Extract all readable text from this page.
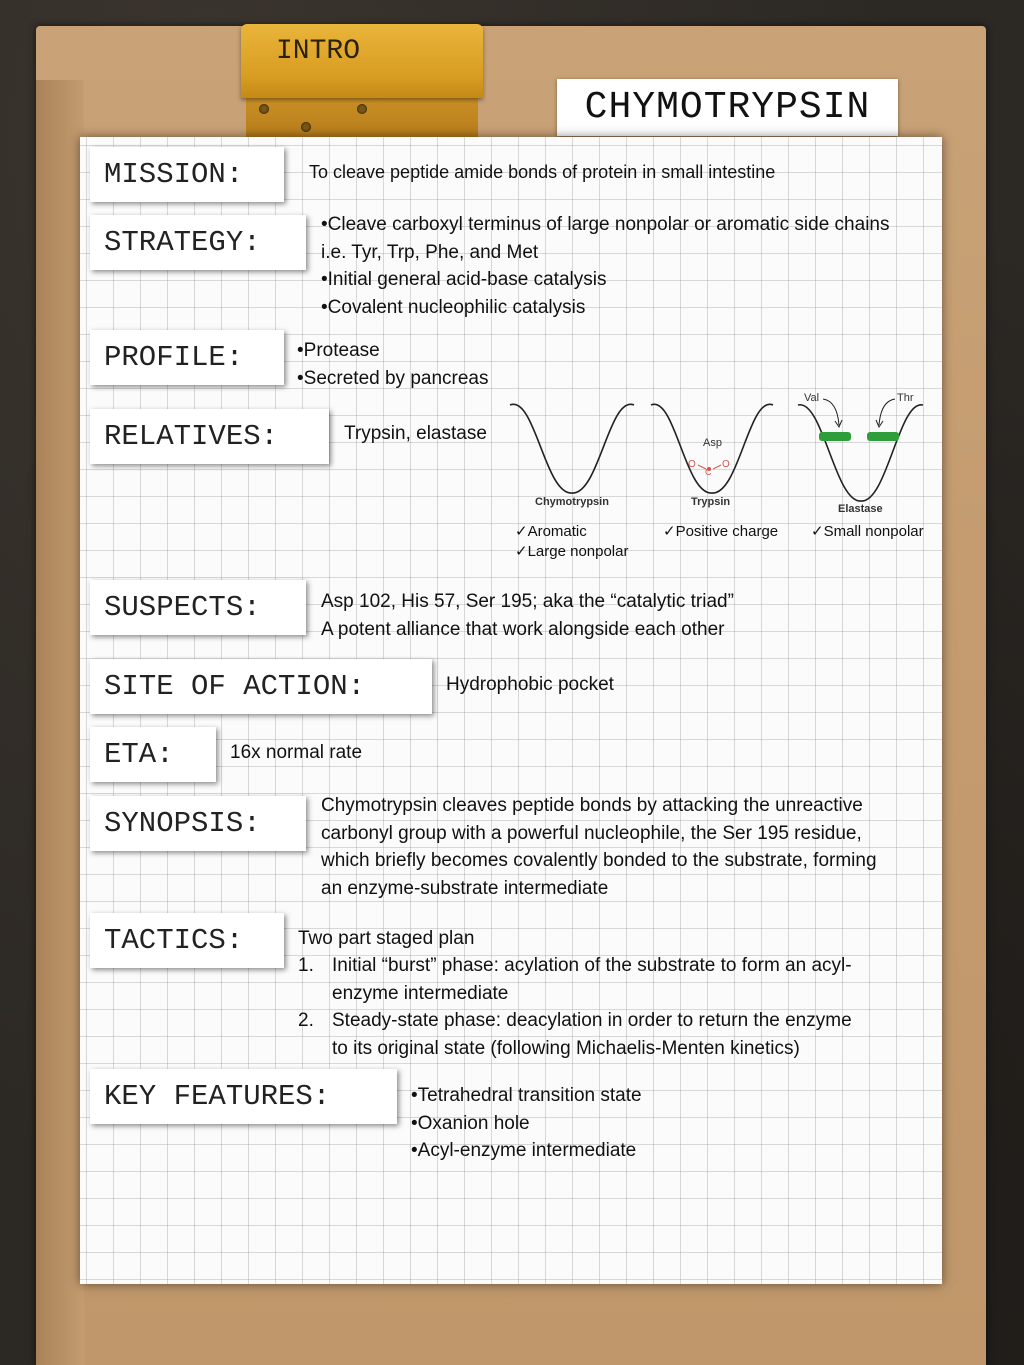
INTRO
CHYMOTRYPSIN
MISSION:	To cleave peptide amide bonds of protein in small intestine
STRATEGY:
•Cleave carboxyl terminus of large nonpolar or aromatic side chains
i.e. Tyr, Trp, Phe, and Met
•Initial general acid-base catalysis
•Covalent nucleophilic catalysis
PROFILE:	•Protease
•Secreted by pancreas
RELATIVES:	Trypsin, elastase
Chymotrypsin
Asp
O
C
O
Trypsin
Val	Thr
Elastase
✓Aromatic
✓Large nonpolar
✓Positive charge ✓Small nonpolar
SUSPECTS:	Asp 102, His 57, Ser 195; aka the “catalytic triad”
A potent alliance that work alongside each other
SITE OF ACTION:	Hydrophobic pocket
ETA:	16x normal rate
SYNOPSIS:
Chymotrypsin cleaves peptide bonds by attacking the unreactive
carbonyl group with a powerful nucleophile, the Ser 195 residue,
which briefly becomes covalently bonded to the substrate, forming
an enzyme-substrate intermediate
TACTICS:	Two part staged plan
1. Initial “burst” phase: acylation of the substrate to form an acyl-
enzyme intermediate
2. Steady-state phase: deacylation in order to return the enzyme
to its original state (following Michaelis-Menten kinetics)
KEY FEATURES:	•Tetrahedral transition state
•Oxanion hole
•Acyl-enzyme intermediate
